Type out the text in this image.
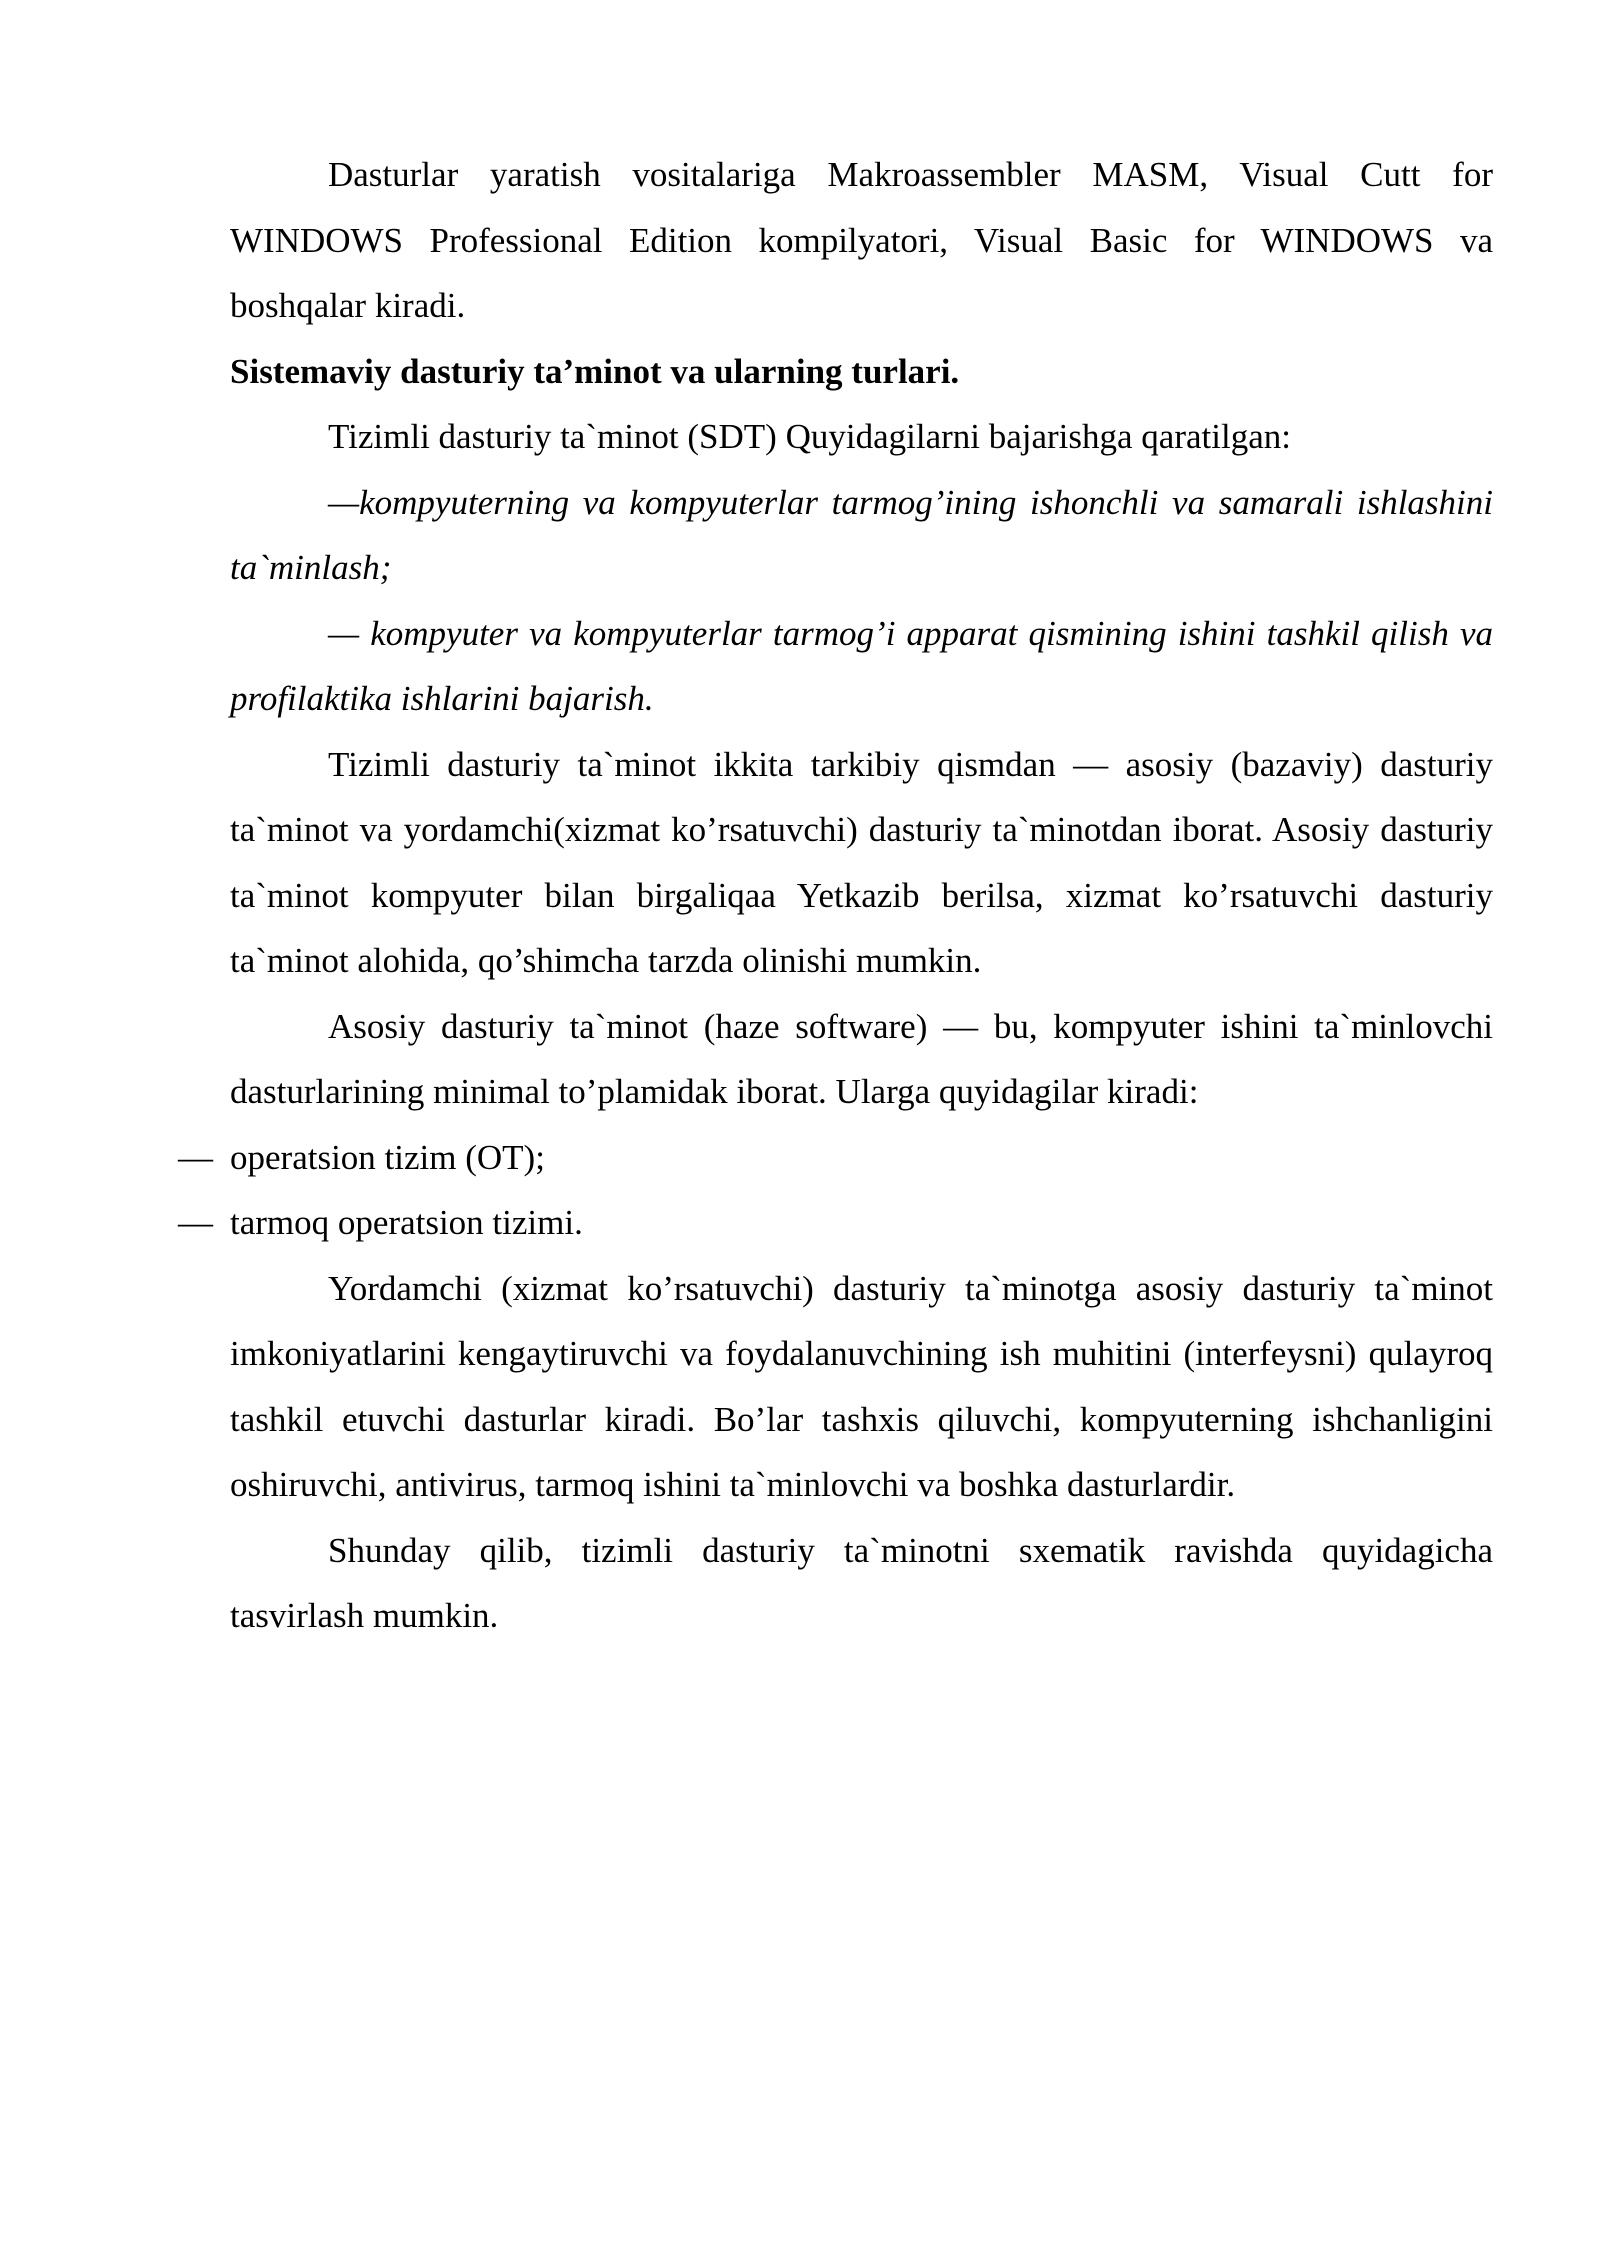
Dasturlar yaratish vositalariga Makroassembler MASM, Visual Cutt for WINDOWS Professional Edition kompilyatori, Visual Basic for WINDOWS va boshqalar kiradi.

Sistemaviy dasturiy ta’minot va ularning turlari.

Tizimli dasturiy ta`minot (SDT) Quyidagilarni bajarishga qaratilgan:

—kompyuterning va kompyuterlar tarmog’ining ishonchli va samarali ishlashini ta`minlash;

— kompyuter va kompyuterlar tarmog’i apparat qismining ishini tashkil qilish va profilaktika ishlarini bajarish.

Tizimli dasturiy ta`minot ikkita tarkibiy qismdan — asosiy (bazaviy) dasturiy ta`minot va yordamchi(xizmat ko’rsatuvchi) dasturiy ta`minotdan iborat. Asosiy dasturiy ta`minot kompyuter bilan birgaliqaa Yetkazib berilsa, xizmat ko’rsatuvchi dasturiy ta`minot alohida, qo’shimcha tarzda olinishi mumkin.

Asosiy dasturiy ta`minot (haze software) — bu, kompyuter ishini ta`minlovchi dasturlarining minimal to’plamidak iborat. Ularga quyidagilar kiradi:

— operatsion tizim (OT);

— tarmoq operatsion tizimi.

Yordamchi (xizmat ko’rsatuvchi) dasturiy ta`minotga asosiy dasturiy ta`minot imkoniyatlarini kengaytiruvchi va foydalanuvchining ish muhitini (interfeysni) qulayroq tashkil etuvchi dasturlar kiradi. Bo’lar tashxis qiluvchi, kompyuterning ishchanligini oshiruvchi, antivirus, tarmoq ishini ta`minlovchi va boshka dasturlardir.

Shunday qilib, tizimli dasturiy ta`minotni sxematik ravishda quyidagicha tasvirlash mumkin.
